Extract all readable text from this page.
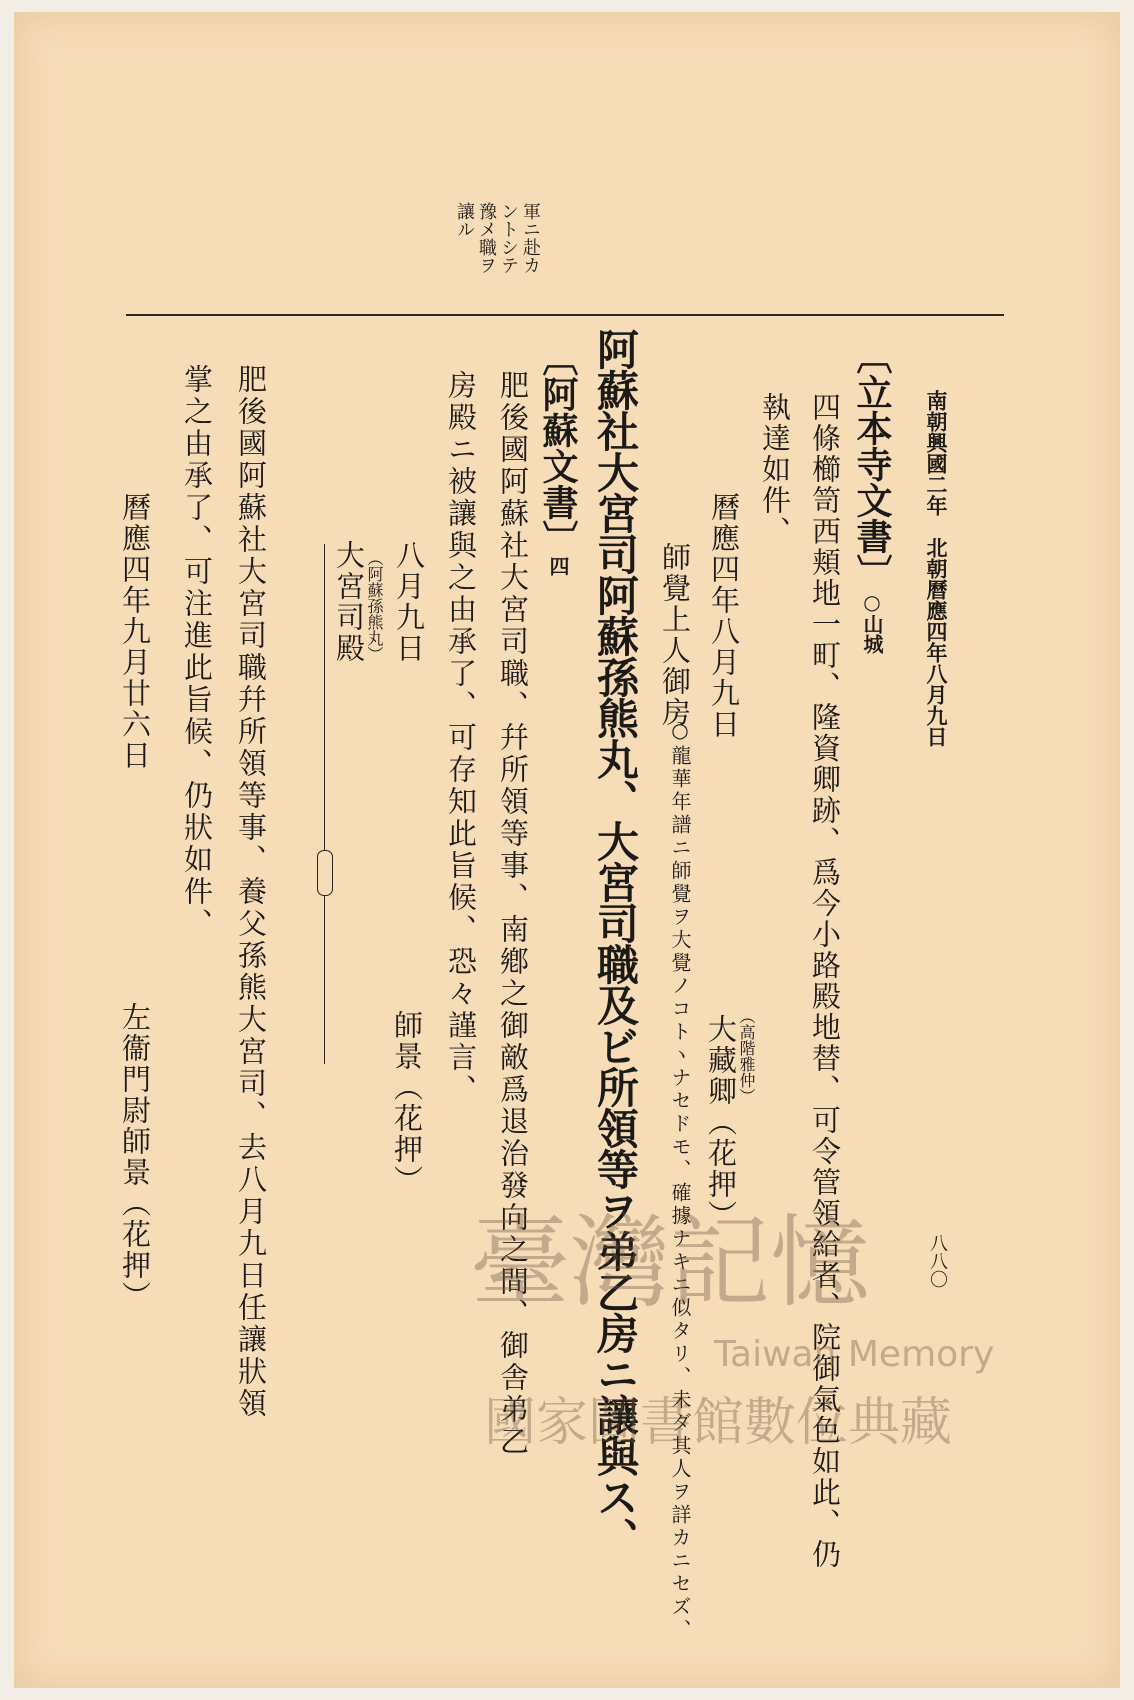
軍ニ赴カ
ントシテ
豫メ職ヲ
讓ル
南朝興國二年　北朝曆應四年八月九日
八八〇
〔立本寺文書〕○山城
四條櫛笥西頬地一町、隆資卿跡、爲今小路殿地替、可令管領給者、院御氣色如此、仍
執達如件、
曆應四年八月九日
（高階雅仲）
大藏卿（花押）
師覺上人御房
○龍華年譜ニ師覺ヲ大覺ノコトヽナセドモ、確據ナキニ似タリ、未ダ其人ヲ詳カニセズ、
阿蘇社大宮司阿蘇孫熊丸、大宮司職及ビ所領等ヲ弟乙房ニ讓與ス、
〔阿蘇文書〕四
肥後國阿蘇社大宮司職、幷所領等事、南鄕之御敵爲退治發向之間、御舎弟乙
房殿ニ被讓與之由承了、可存知此旨候、恐々謹言、
八月九日
師景（花押）
（阿蘇孫熊丸）
大宮司殿
肥後國阿蘇社大宮司職幷所領等事、養父孫熊大宮司、去八月九日任讓狀領
掌之由承了、可注進此旨候、仍狀如件、
曆應四年九月廿六日
左衞門尉師景（花押）	臺灣記憶
Taiwan Memory
國家圖書館數位典藏
